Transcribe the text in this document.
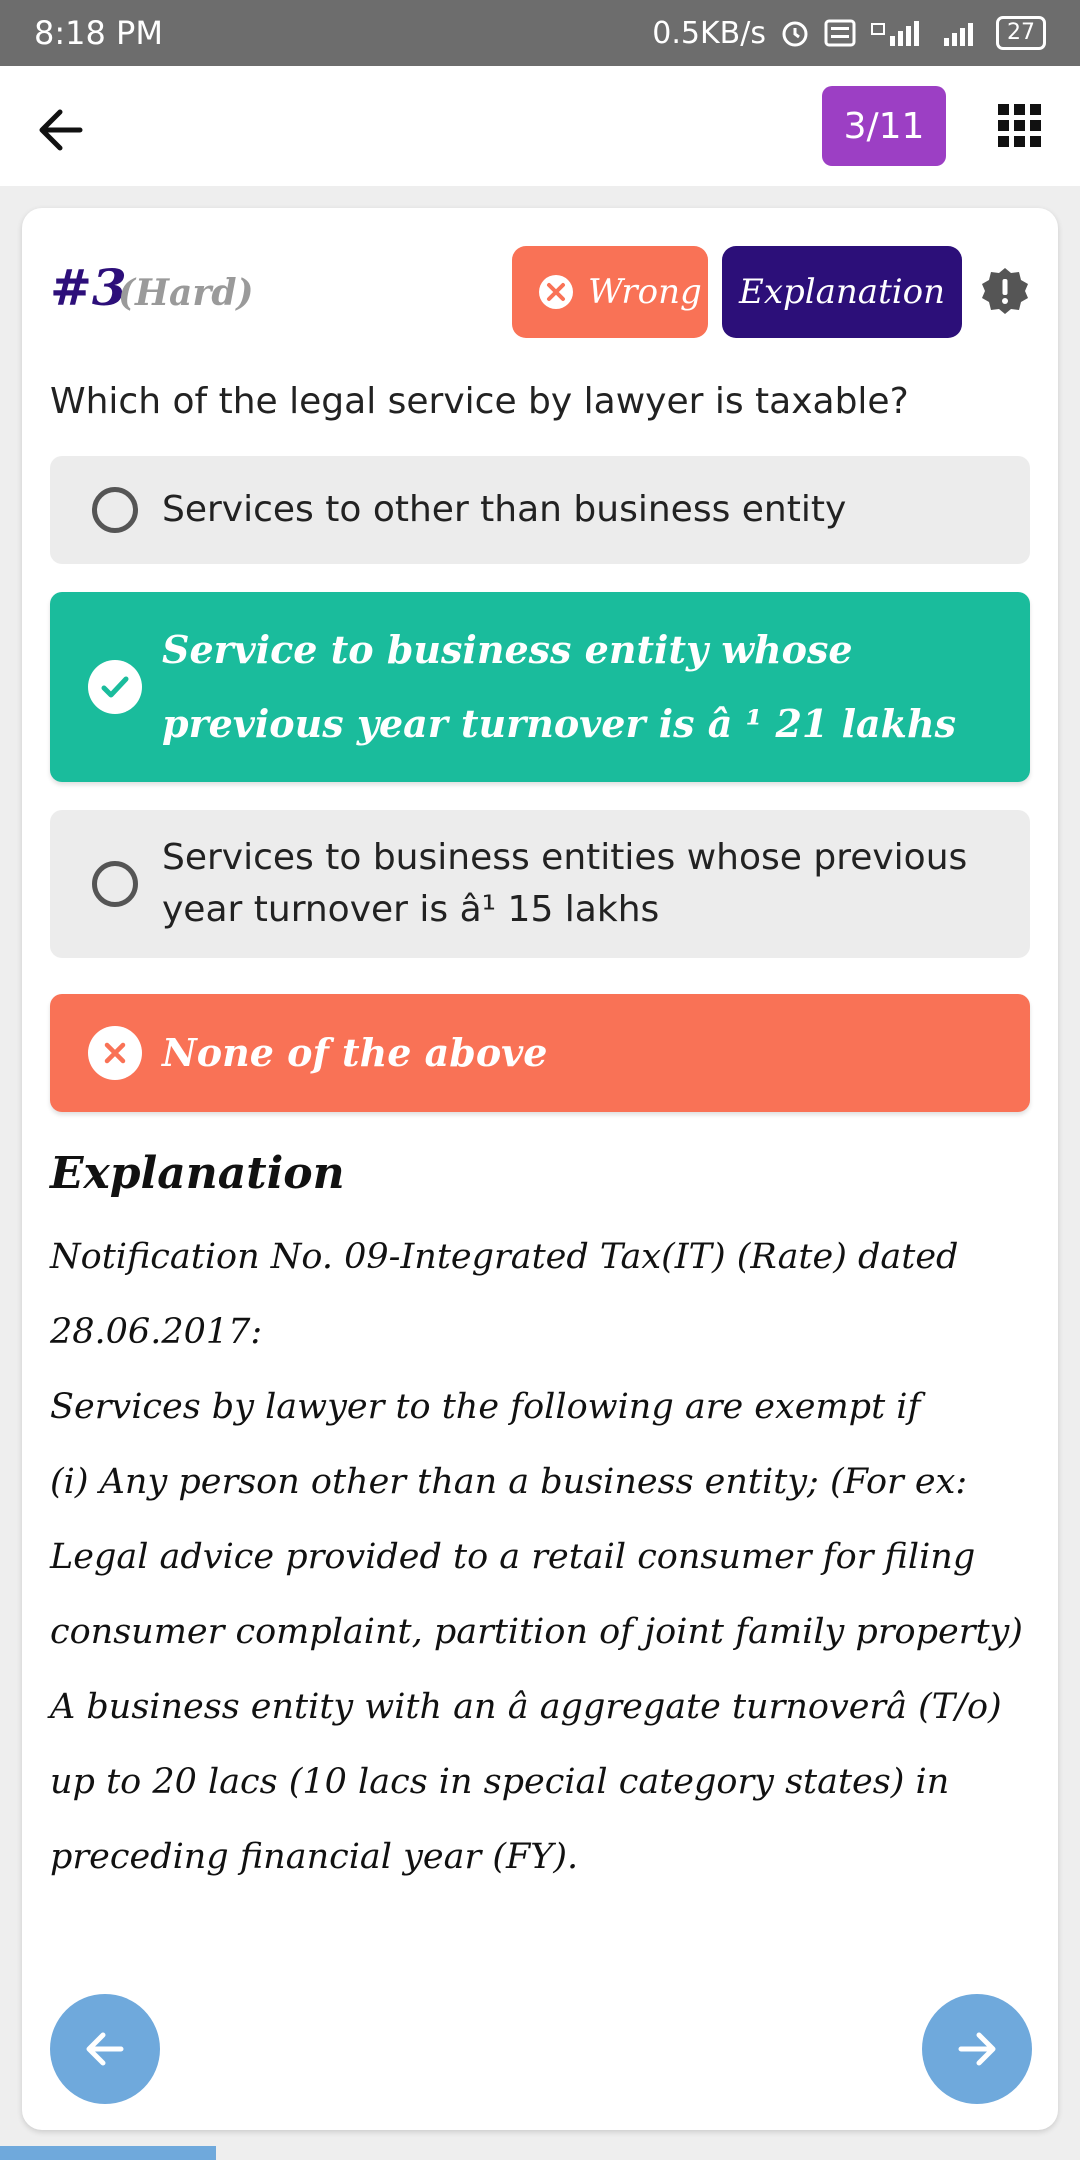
8:18 PM	0.5KB/s	27
3/11
#3
(Hard)	Wrong Explanation
Which of the legal service by lawyer is taxable?
Services to other than business entity
Service to business entity whose previous year turnover is â ¹ 21 lakhs
Services to business entities whose previous year turnover is â¹ 15 lakhs
None of the above
Explanation
Notification No. 09-Integrated Tax(IT) (Rate) dated 28.06.2017:
Services by lawyer to the following are exempt if
(i) Any person other than a business entity; (For ex: Legal advice provided to a retail consumer for filing consumer complaint, partition of joint family property)
A business entity with an â aggregate turnoverâ (T/o) up to 20 lacs (10 lacs in special category states) in preceding financial year (FY).
